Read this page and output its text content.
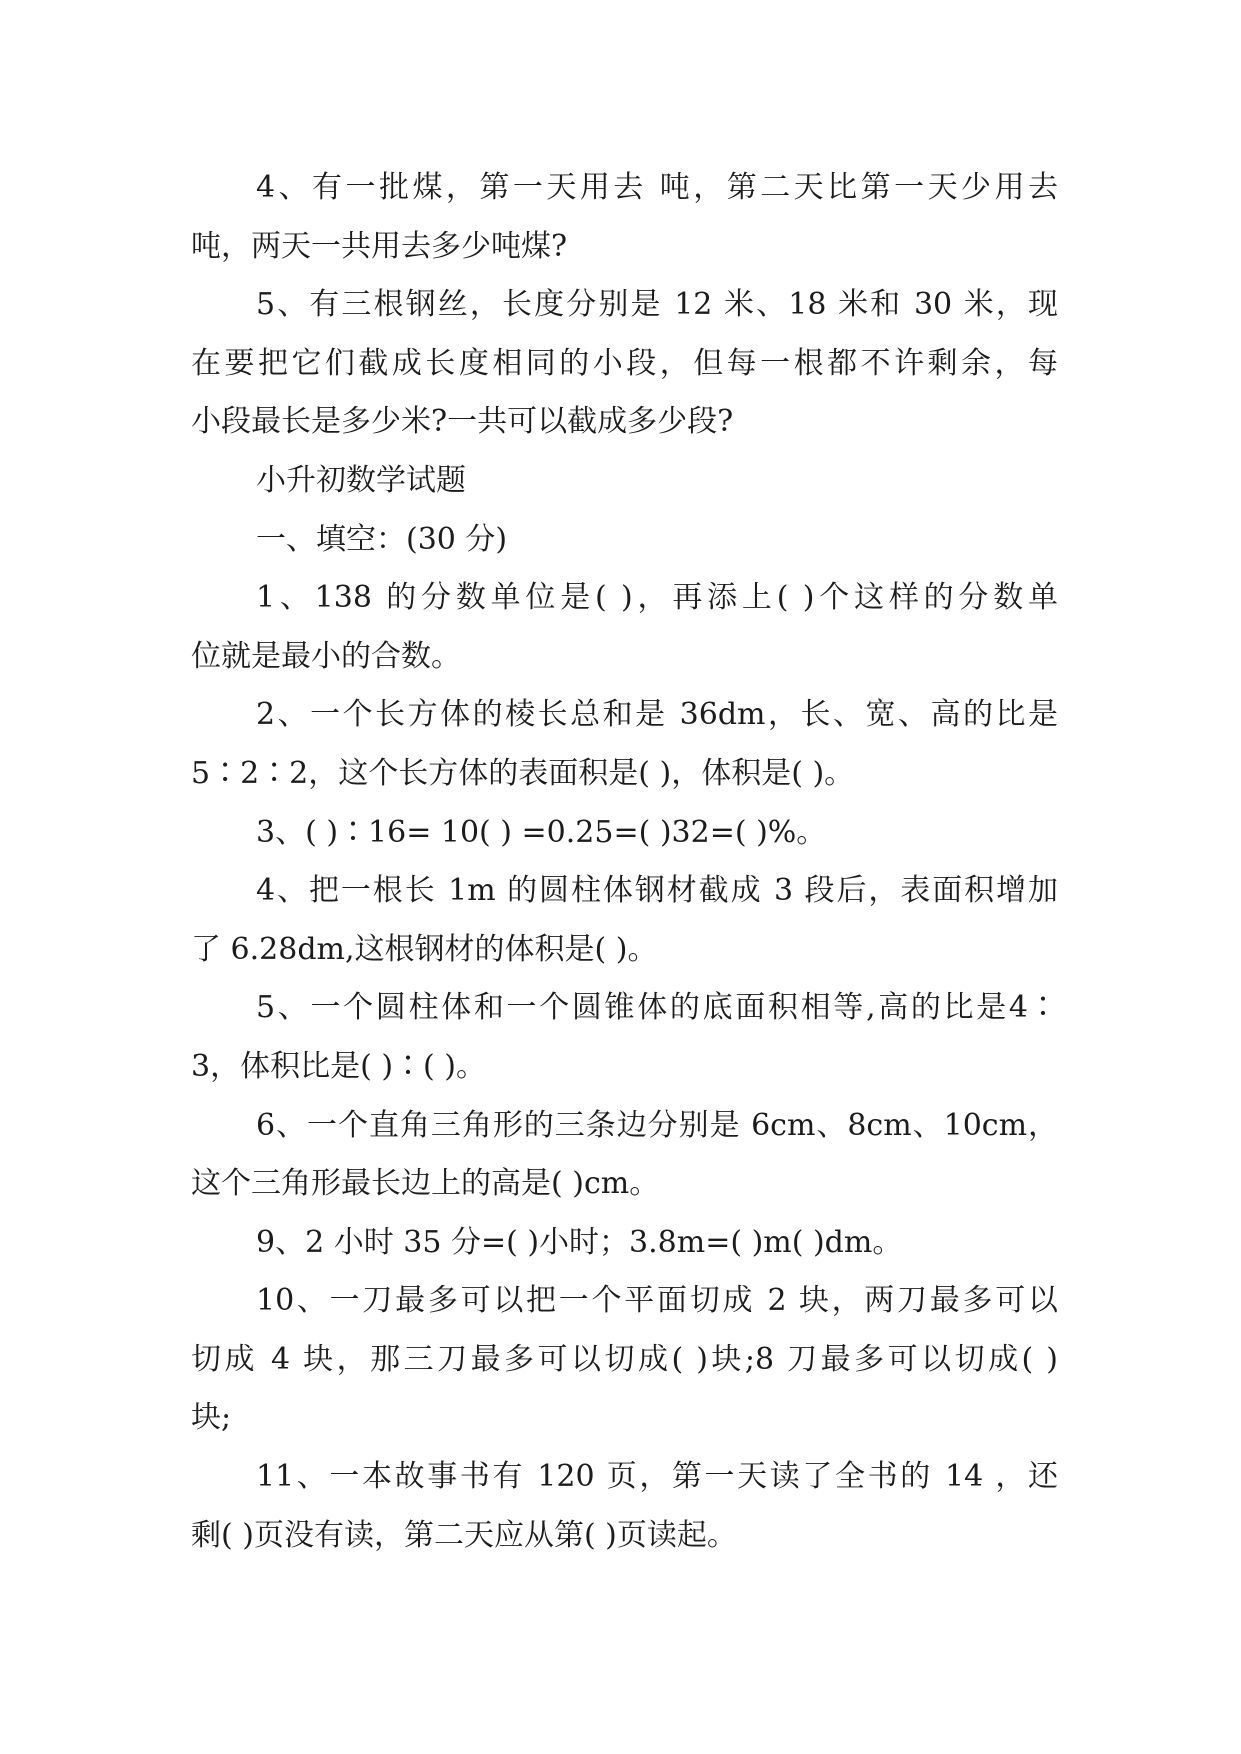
4、有一批煤，第一天用去 吨，第二天比第一天少用去
吨，两天一共用去多少吨煤?
5、有三根钢丝，长度分别是 12 米、18 米和 30 米，现
在要把它们截成长度相同的小段，但每一根都不许剩余，每
小段最长是多少米?一共可以截成多少段?
小升初数学试题
一、填空：(30 分)
1、138 的分数单位是( )，再添上( )个这样的分数单
位就是最小的合数。
2、一个长方体的棱长总和是 36dm，长、宽、高的比是
5∶2∶2，这个长方体的表面积是( )，体积是( )。
3、( )∶16= 10( ) =0.25=( )32=( )%。
4、把一根长 1m 的圆柱体钢材截成 3 段后，表面积增加
了 6.28dm,这根钢材的体积是( )。
5、一个圆柱体和一个圆锥体的底面积相等,高的比是4∶
3，体积比是( )∶( )。
6、一个直角三角形的三条边分别是 6cm、8cm、10cm，
这个三角形最长边上的高是( )cm。
9、2 小时 35 分=( )小时；3.8m=( )m( )dm。
10、一刀最多可以把一个平面切成 2 块，两刀最多可以
切成 4 块，那三刀最多可以切成( )块;8 刀最多可以切成( )
块;
11、一本故事书有 120 页，第一天读了全书的 14 ，还
剩( )页没有读，第二天应从第( )页读起。
